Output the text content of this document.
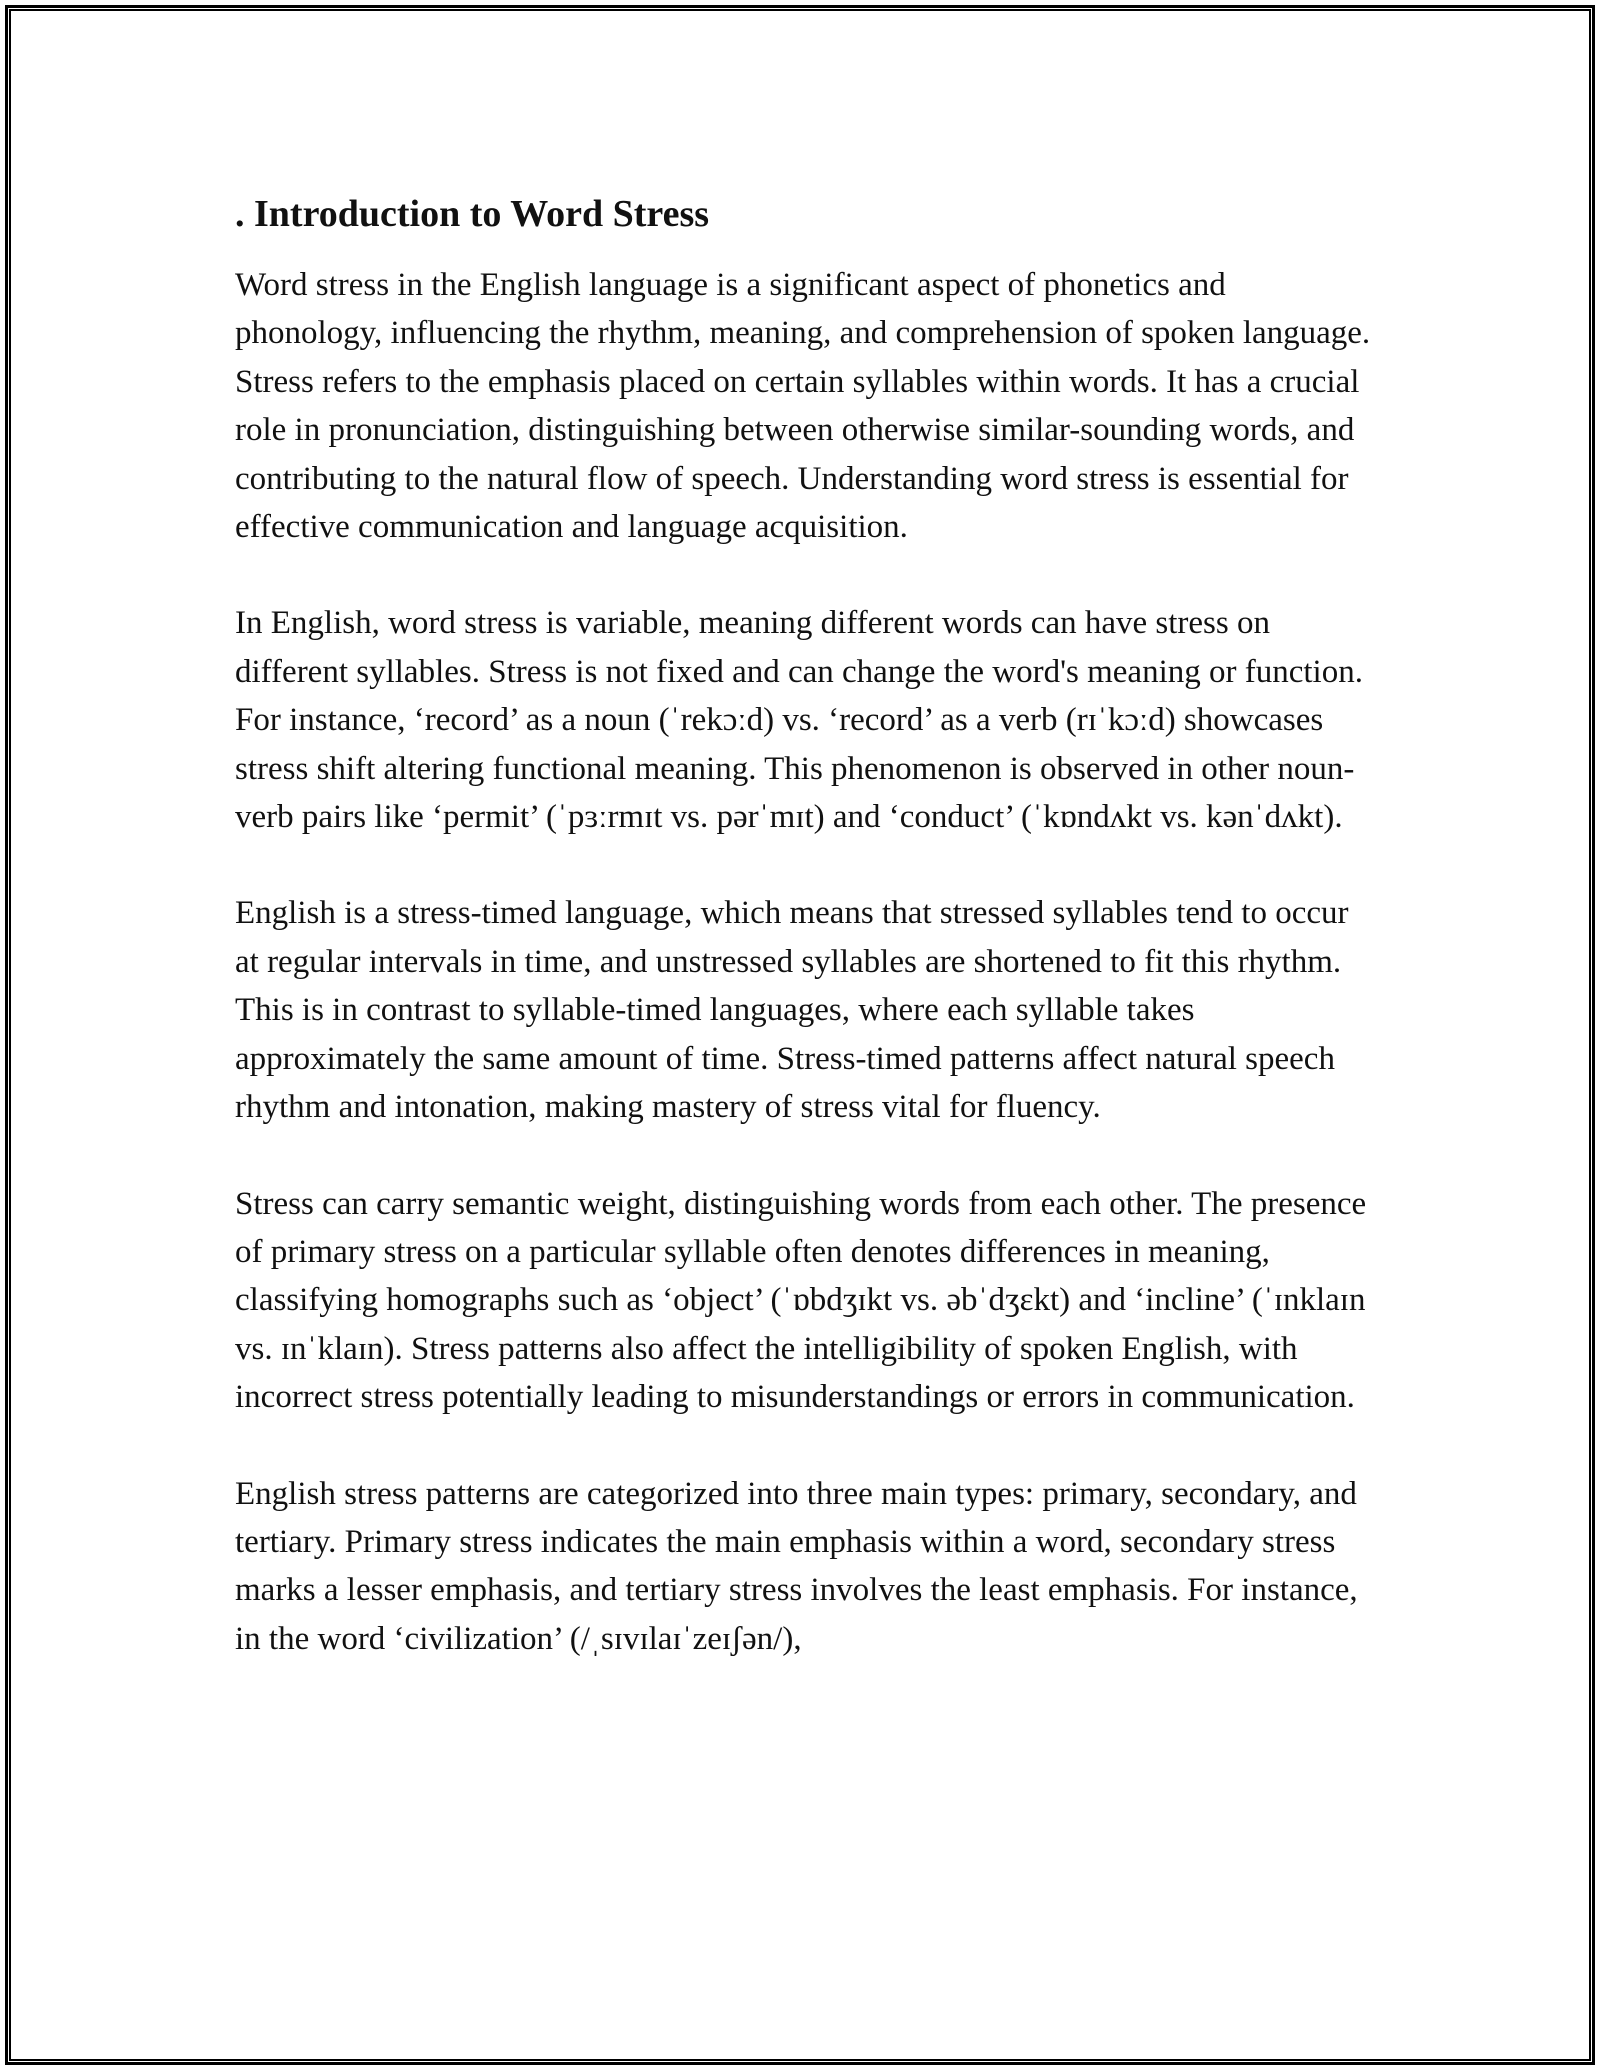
. Introduction to Word Stress

Word stress in the English language is a significant aspect of phonetics and phonology, influencing the rhythm, meaning, and comprehension of spoken language. Stress refers to the emphasis placed on certain syllables within words. It has a crucial role in pronunciation, distinguishing between otherwise similar-sounding words, and contributing to the natural flow of speech. Understanding word stress is essential for effective communication and language acquisition.

In English, word stress is variable, meaning different words can have stress on different syllables. Stress is not fixed and can change the word's meaning or function. For instance, ‘record’ as a noun (ˈrekɔːd) vs. ‘record’ as a verb (rɪˈkɔːd) showcases stress shift altering functional meaning. This phenomenon is observed in other noun-verb pairs like ‘permit’ (ˈpɜːrmɪt vs. pərˈmɪt) and ‘conduct’ (ˈkɒndʌkt vs. kənˈdʌkt).

English is a stress-timed language, which means that stressed syllables tend to occur at regular intervals in time, and unstressed syllables are shortened to fit this rhythm. This is in contrast to syllable-timed languages, where each syllable takes approximately the same amount of time. Stress-timed patterns affect natural speech rhythm and intonation, making mastery of stress vital for fluency.

Stress can carry semantic weight, distinguishing words from each other. The presence of primary stress on a particular syllable often denotes differences in meaning, classifying homographs such as ‘object’ (ˈɒbdʒɪkt vs. əbˈdʒɛkt) and ‘incline’ (ˈɪnklaɪn vs. ɪnˈklaɪn). Stress patterns also affect the intelligibility of spoken English, with incorrect stress potentially leading to misunderstandings or errors in communication.

English stress patterns are categorized into three main types: primary, secondary, and tertiary. Primary stress indicates the main emphasis within a word, secondary stress marks a lesser emphasis, and tertiary stress involves the least emphasis. For instance, in the word ‘civilization’ (/ˌsɪvɪlaɪˈzeɪʃən/),
